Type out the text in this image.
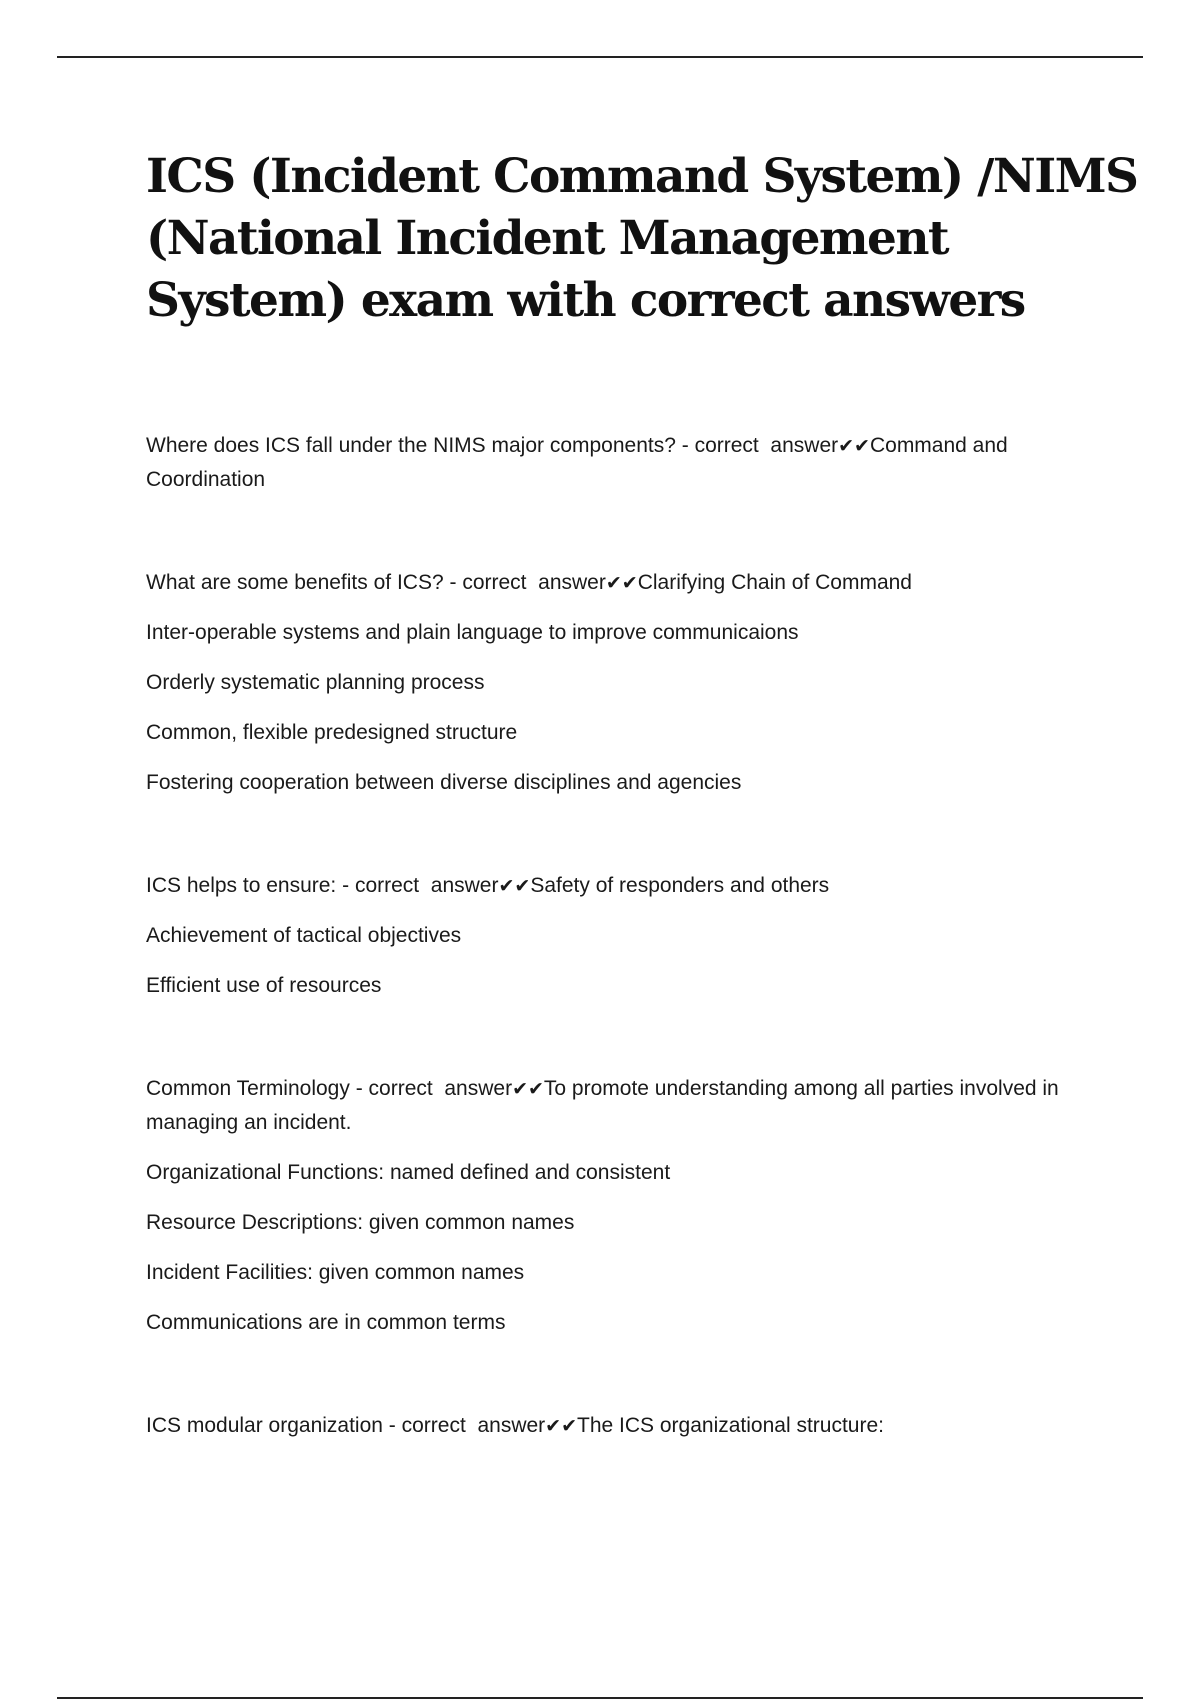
ICS (Incident Command System) /NIMS
(National Incident Management
System) exam with correct answers

Where does ICS fall under the NIMS major components? - correct  answer✔✔Command and Coordination

What are some benefits of ICS? - correct  answer✔✔Clarifying Chain of Command

Inter-operable systems and plain language to improve communicaions

Orderly systematic planning process

Common, flexible predesigned structure

Fostering cooperation between diverse disciplines and agencies

ICS helps to ensure: - correct  answer✔✔Safety of responders and others

Achievement of tactical objectives

Efficient use of resources

Common Terminology - correct  answer✔✔To promote understanding among all parties involved in managing an incident.

Organizational Functions: named defined and consistent

Resource Descriptions: given common names

Incident Facilities: given common names

Communications are in common terms

ICS modular organization - correct  answer✔✔The ICS organizational structure:
